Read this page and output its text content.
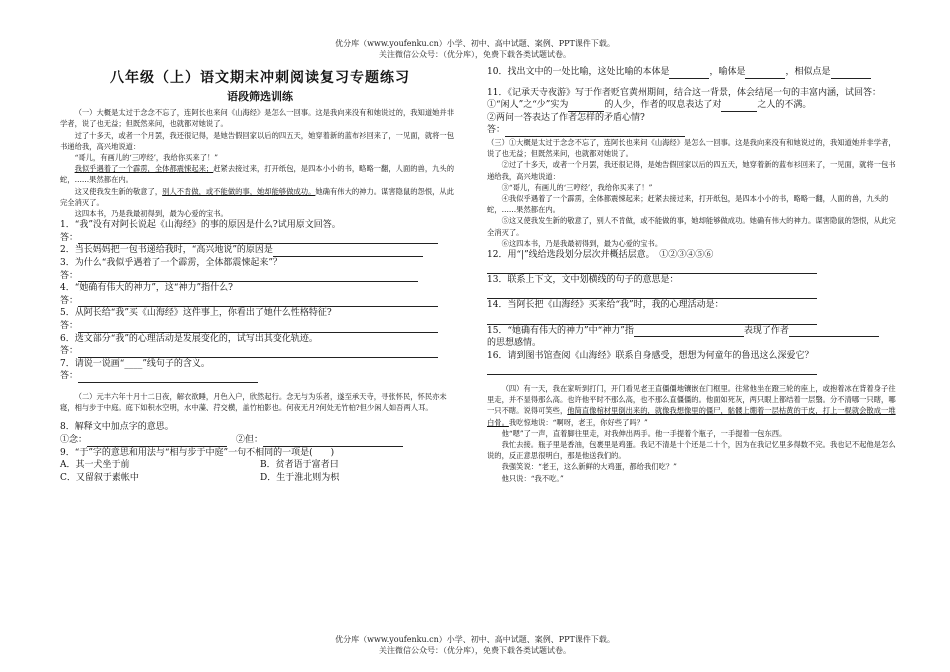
优分库（www.youfenku.cn）小学、初中、高中试题、案例、PPT课件下载。
关注微信公众号：（优分库），免费下载各类试题试卷。
八年级（上）语文期末冲刺阅读复习专题练习
语段筛选训练

（一）大概是太过于念念不忘了，连阿长也来问《山海经》是怎么一回事。这是我向来没有和她说过的，我知道她并非学者，说了也无益；但既然来问，也就都对她说了。

过了十多天，或者一个月罢，我还很记得，是她告假回家以后的四五天，她穿着新的蓝布衫回来了，一见面，就将一包书递给我，高兴地说道：

“哥儿，有画儿的‘三哼经’，我给你买来了！”

我似乎遇着了一个霹雳，全体都震悚起来；赶紧去接过来，打开纸包，是四本小小的书，略略一翻，人面的兽，九头的蛇，……果然都在内。

这又使我发生新的敬意了，别人不肯做，或不能做的事，她却能够做成功。她确有伟大的神力。谋害隐鼠的怨恨，从此完全消灭了。

这四本书，乃是我最初得到，最为心爱的宝书。

1．“我”没有对阿长说起《山海经》的事的原因是什么?试用原文回答。

答：

2．当长妈妈把一包书递给我时，“高兴地说”的原因是

3．为什么“我似乎遇着了一个霹雳，全体都震悚起来”？

答：

4．“她确有伟大的神力”，这“神力”指什么?

答：

5．从阿长给“我”买《山海经》这件事上，你看出了她什么性格特征?

答：

6．选文部分“我”的心理活动是发展变化的，试写出其变化轨迹。

答：

7．请说一说画“____”线句子的含义。

答：

（二）元丰六年十月十二日夜，解衣欲睡，月色入户，欣然起行。念无与为乐者，遂至承天寺，寻张怀民，怀民亦未寝，相与步于中庭。庭下如积水空明，水中藻、荇交横，盖竹柏影也。何夜无月?何处无竹柏?但少闲人如吾两人耳。

8．解释文中加点字的意思。

①念：　	②但：

9．“于”字的意思和用法与“相与步于中庭”一句不相同的一项是(　　)

A．其一犬坐于前	B．贫者语于富者曰
C．又留叙于素帐中	D．生于淮北则为枳

10．找出文中的一处比喻，这处比喻的本体是	，喻体是	，相似点是

11．《记承天寺夜游》写于作者贬官黄州期间，结合这一背景，体会结尾一句的丰富内涵，试回答：

①“闲人”之“少”实为	的人少，作者的叹息表达了对	之人的不满。

②两问一答表达了作者怎样的矛盾心情?

答：

（三）①大概是太过于念念不忘了，连阿长也来问《山海经》是怎么一回事。这是我向来没有和她说过的，我知道她并非学者，说了也无益；但既然来问，也就都对她说了。

②过了十多天，或者一个月罢，我还很记得，是她告假回家以后的四五天，她穿着新的蓝布衫回来了，一见面，就将一包书递给我，高兴地说道：

③“哥儿，有画儿的‘三哼经’，我给你买来了！”

④我似乎遇着了一个霹雳，全体都震悚起来；赶紧去接过来，打开纸包，是四本小小的书，略略一翻，人面的兽，九头的蛇，……果然都在内。

⑤这又使我发生新的敬意了，别人不肯做，或不能做的事，她却能够做成功。她确有伟大的神力。谋害隐鼠的怨恨，从此完全消灭了。

⑥这四本书，乃是我最初得到，最为心爱的宝书。

12．用“|”线给选段划分层次并概括层意。　①②③④⑤⑥

13．联系上下文，文中划横线的句子的意思是：

14．当阿长把《山海经》买来给“我”时，我的心理活动是：

15．“她确有伟大的神力”中“神力”指	表现了作者

的思想感情。

16．请到图书馆查阅《山海经》联系自身感受，想想为何童年的鲁迅这么深爱它？

（四）有一天，我在家听到打门，开门看见老王直僵僵地镶嵌在门框里。往常他坐在蹬三轮的座上，或抱着冰在背着身子往里走，并不显得那么高。也许他平时不那么高，也不那么直僵僵的。他面如死灰，两只眼上都结着一层翳。分不清哪一只瞎，哪一只不瞎。说得可笑些，他简直像棺材里倒出来的，就像我想像里的僵尸，骷髅上绷着一层枯黄的干皮，打上一棍就会散成一堆白骨。我吃惊地说：“啊呀，老王，你好些了吗？”

他“嗯”了一声，直着脚往里走，对我伸出两手。他一手提着个瓶子，一手提着一包东西。

我忙去接。瓶子里是香油，包裹里是鸡蛋。我记不清是十个还是二十个，因为在我记忆里多得数不完。我也记不起他是怎么说的，反正意思很明白，那是他送我们的。

我强笑说：“老王，这么新鲜的大鸡蛋，都给我们吃？”

他只说：“我不吃。”

优分库（www.youfenku.cn）小学、初中、高中试题、案例、PPT课件下载。
关注微信公众号：（优分库），免费下载各类试题试卷。
